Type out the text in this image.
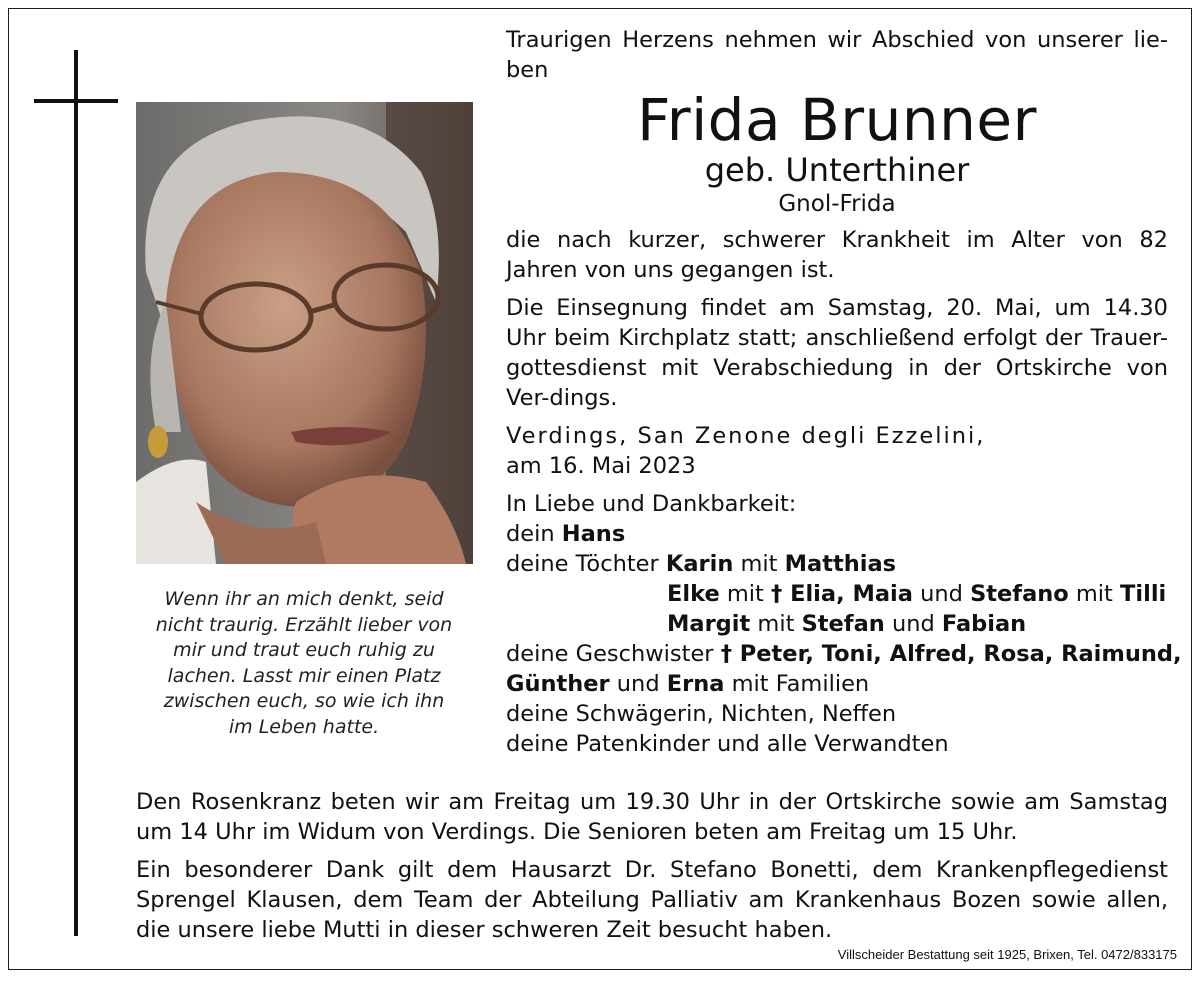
Wenn ihr an mich denkt, seid nicht traurig. Erzählt lieber von mir und traut euch ruhig zu lachen. Lasst mir einen Platz zwischen euch, so wie ich ihn im Leben hatte.
Traurigen Herzens nehmen wir Abschied von unserer lie-ben
Frida Brunner
geb. Unterthiner
Gnol-Frida
die nach kurzer, schwerer Krankheit im Alter von 82 Jahren von uns gegangen ist.
Die Einsegnung findet am Samstag, 20. Mai, um 14.30 Uhr beim Kirchplatz statt; anschließend erfolgt der Trauer-gottesdienst mit Verabschiedung in der Ortskirche von Ver-dings.
Verdings, San Zenone degli Ezzelini,
am 16. Mai 2023
In Liebe und Dankbarkeit:
dein Hans
deine Töchter Karin mit Matthias
Elke mit † Elia, Maia und Stefano mit Tilli
Margit mit Stefan und Fabian
deine Geschwister † Peter, Toni, Alfred, Rosa, Raimund,
Günther und Erna mit Familien
deine Schwägerin, Nichten, Neffen
deine Patenkinder und alle Verwandten
Den Rosenkranz beten wir am Freitag um 19.30 Uhr in der Ortskirche sowie am Samstag um 14 Uhr im Widum von Verdings. Die Senioren beten am Freitag um 15 Uhr.
Ein besonderer Dank gilt dem Hausarzt Dr. Stefano Bonetti, dem Krankenpflegedienst Sprengel Klausen, dem Team der Abteilung Palliativ am Krankenhaus Bozen sowie allen, die unsere liebe Mutti in dieser schweren Zeit besucht haben.
Villscheider Bestattung seit 1925, Brixen, Tel. 0472/833175
